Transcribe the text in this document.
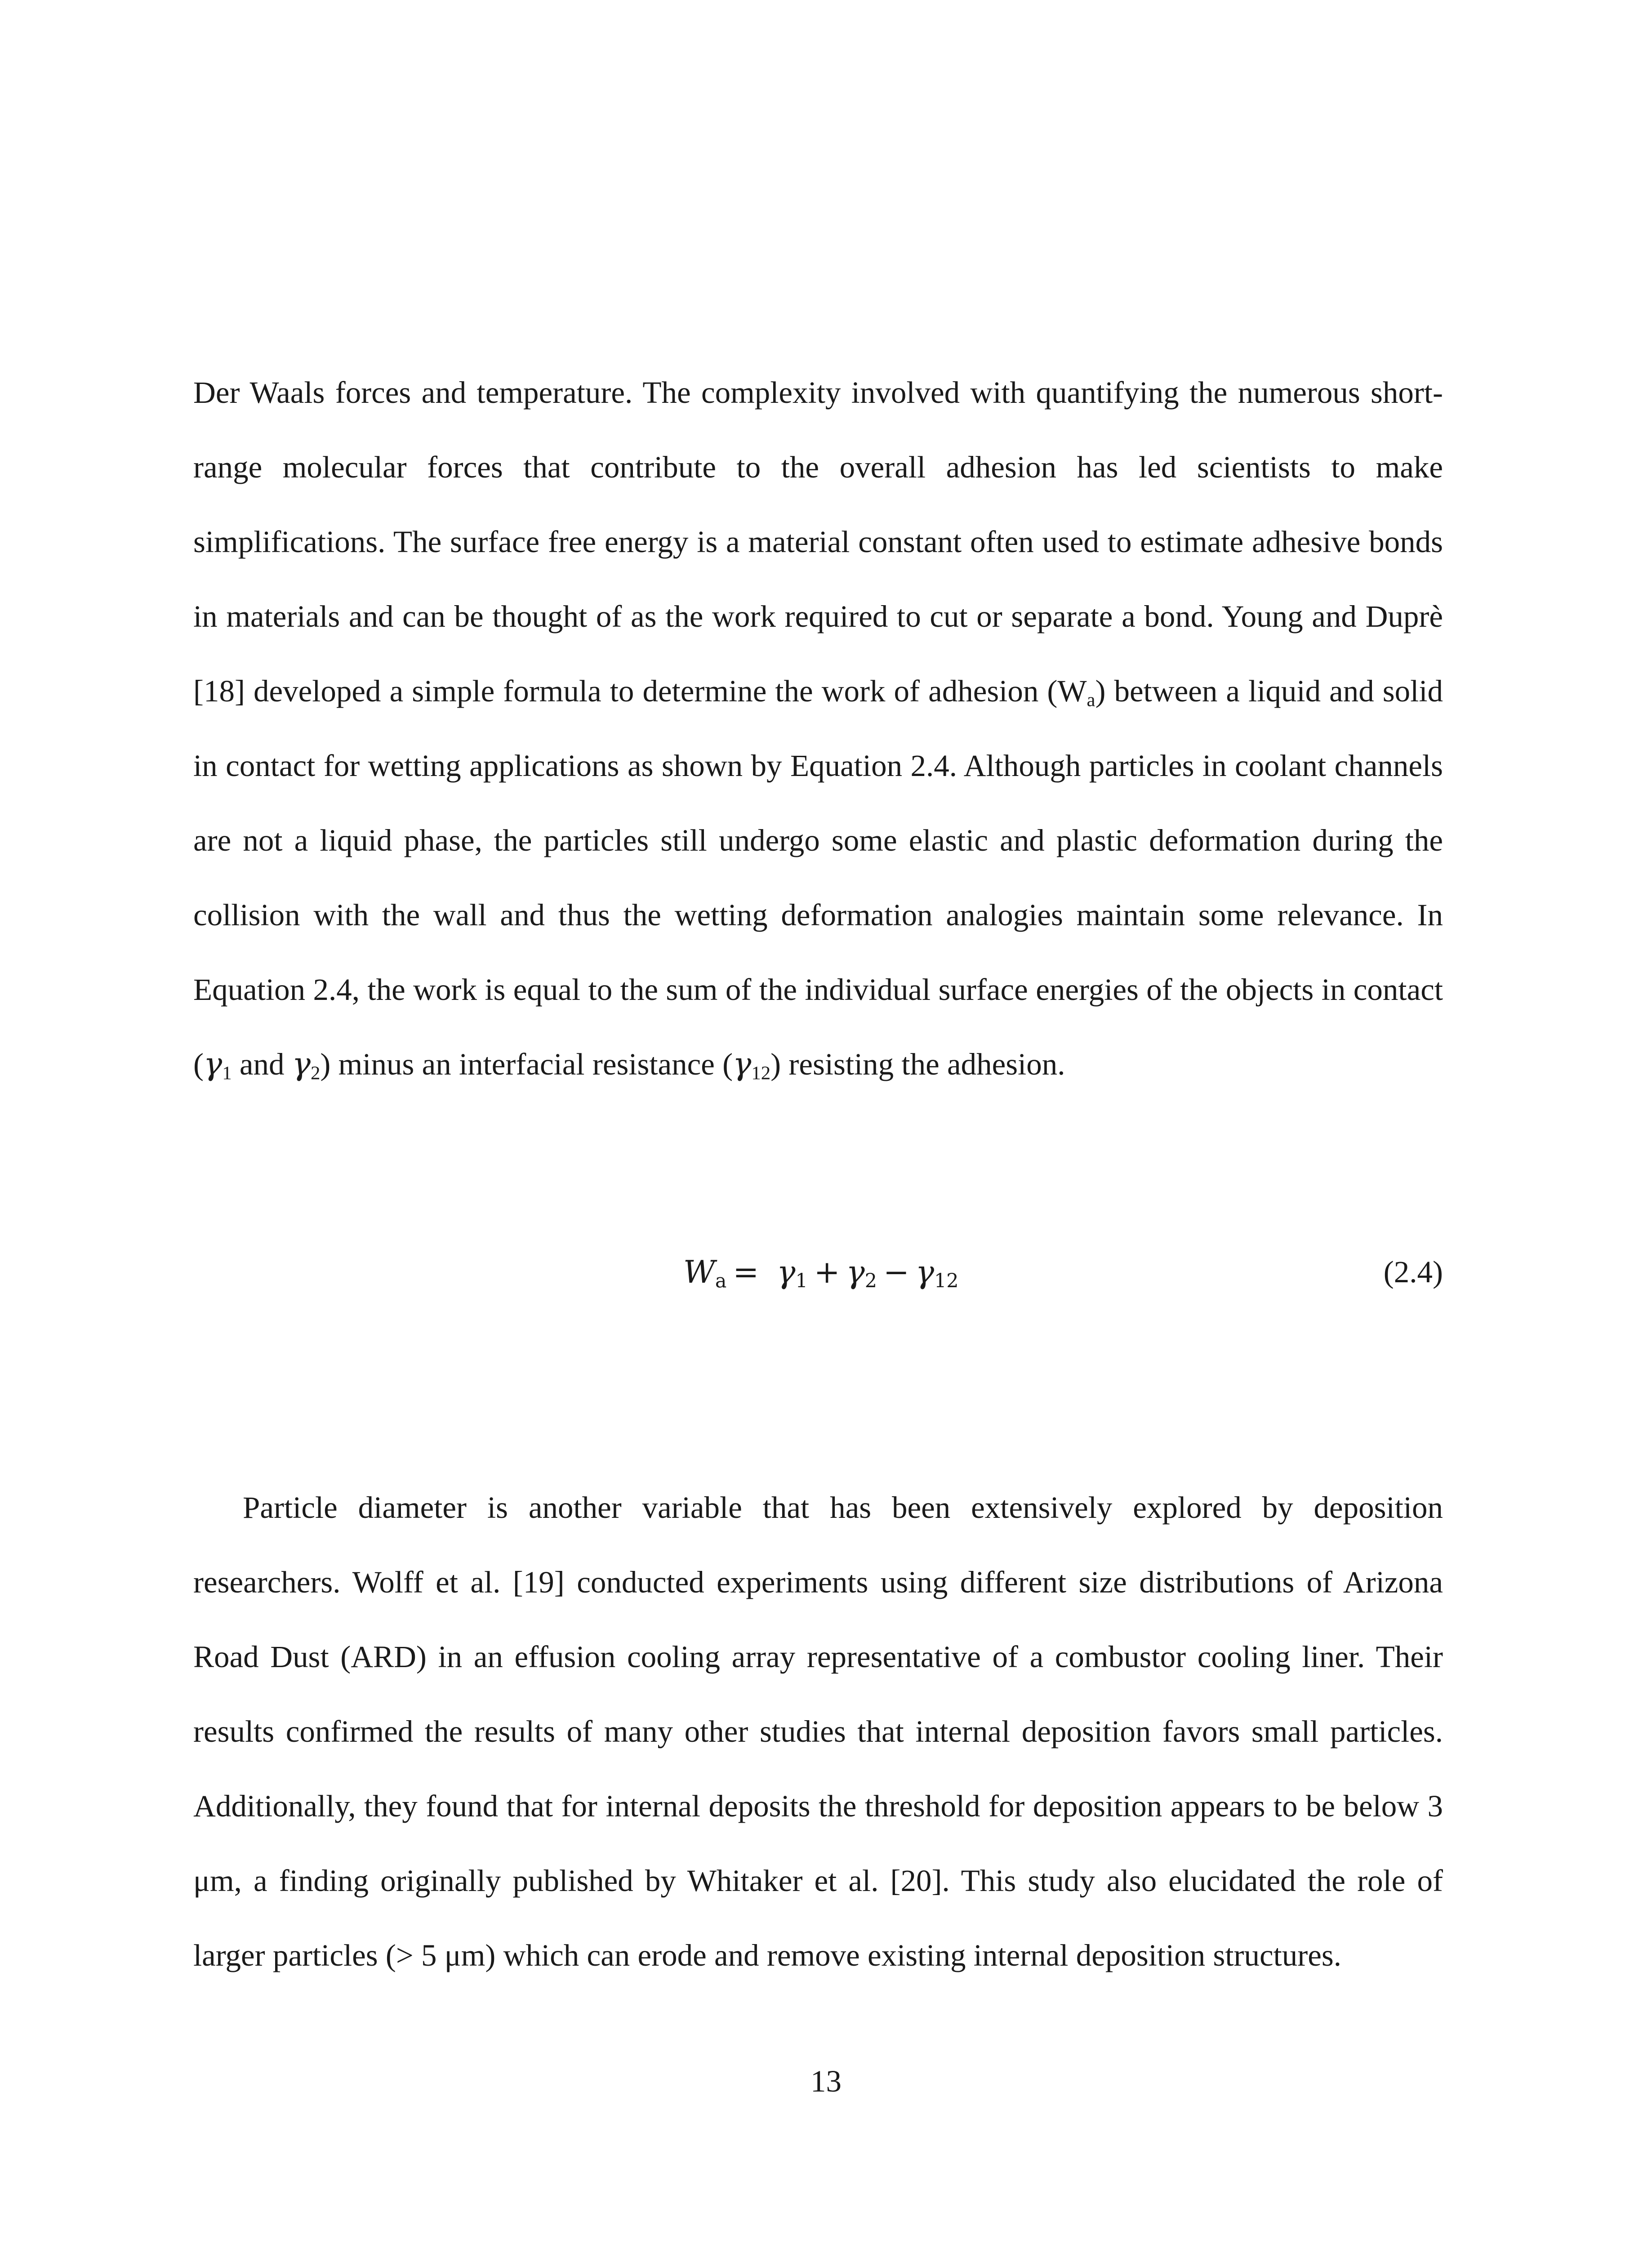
Der Waals forces and temperature. The complexity involved with quantifying the numerous short-range molecular forces that contribute to the overall adhesion has led scientists to make simplifications. The surface free energy is a material constant often used to estimate adhesive bonds in materials and can be thought of as the work required to cut or separate a bond. Young and Duprè [18] developed a simple formula to determine the work of adhesion $(W_a)$ between a liquid and solid in contact for wetting applications as shown by Equation 2.4. Although particles in coolant channels are not a liquid phase, the particles still undergo some elastic and plastic deformation during the collision with the wall and thus the wetting deformation analogies maintain some relevance. In Equation 2.4, the work is equal to the sum of the individual surface energies of the objects in contact ($\gamma_1$ and $\gamma_2$) minus an interfacial resistance $(\gamma_{12})$ resisting the adhesion.
$W_a = \gamma_1 + \gamma_2 - \gamma_{12}$	(2.4)
Particle diameter is another variable that has been extensively explored by deposition researchers. Wolff et al. [19] conducted experiments using different size distributions of Arizona Road Dust (ARD) in an effusion cooling array representative of a combustor cooling liner. Their results confirmed the results of many other studies that internal deposition favors small particles. Additionally, they found that for internal deposits the threshold for deposition appears to be below 3 μm, a finding originally published by Whitaker et al. [20]. This study also elucidated the role of larger particles (> 5 μm) which can erode and remove existing internal deposition structures.
13
